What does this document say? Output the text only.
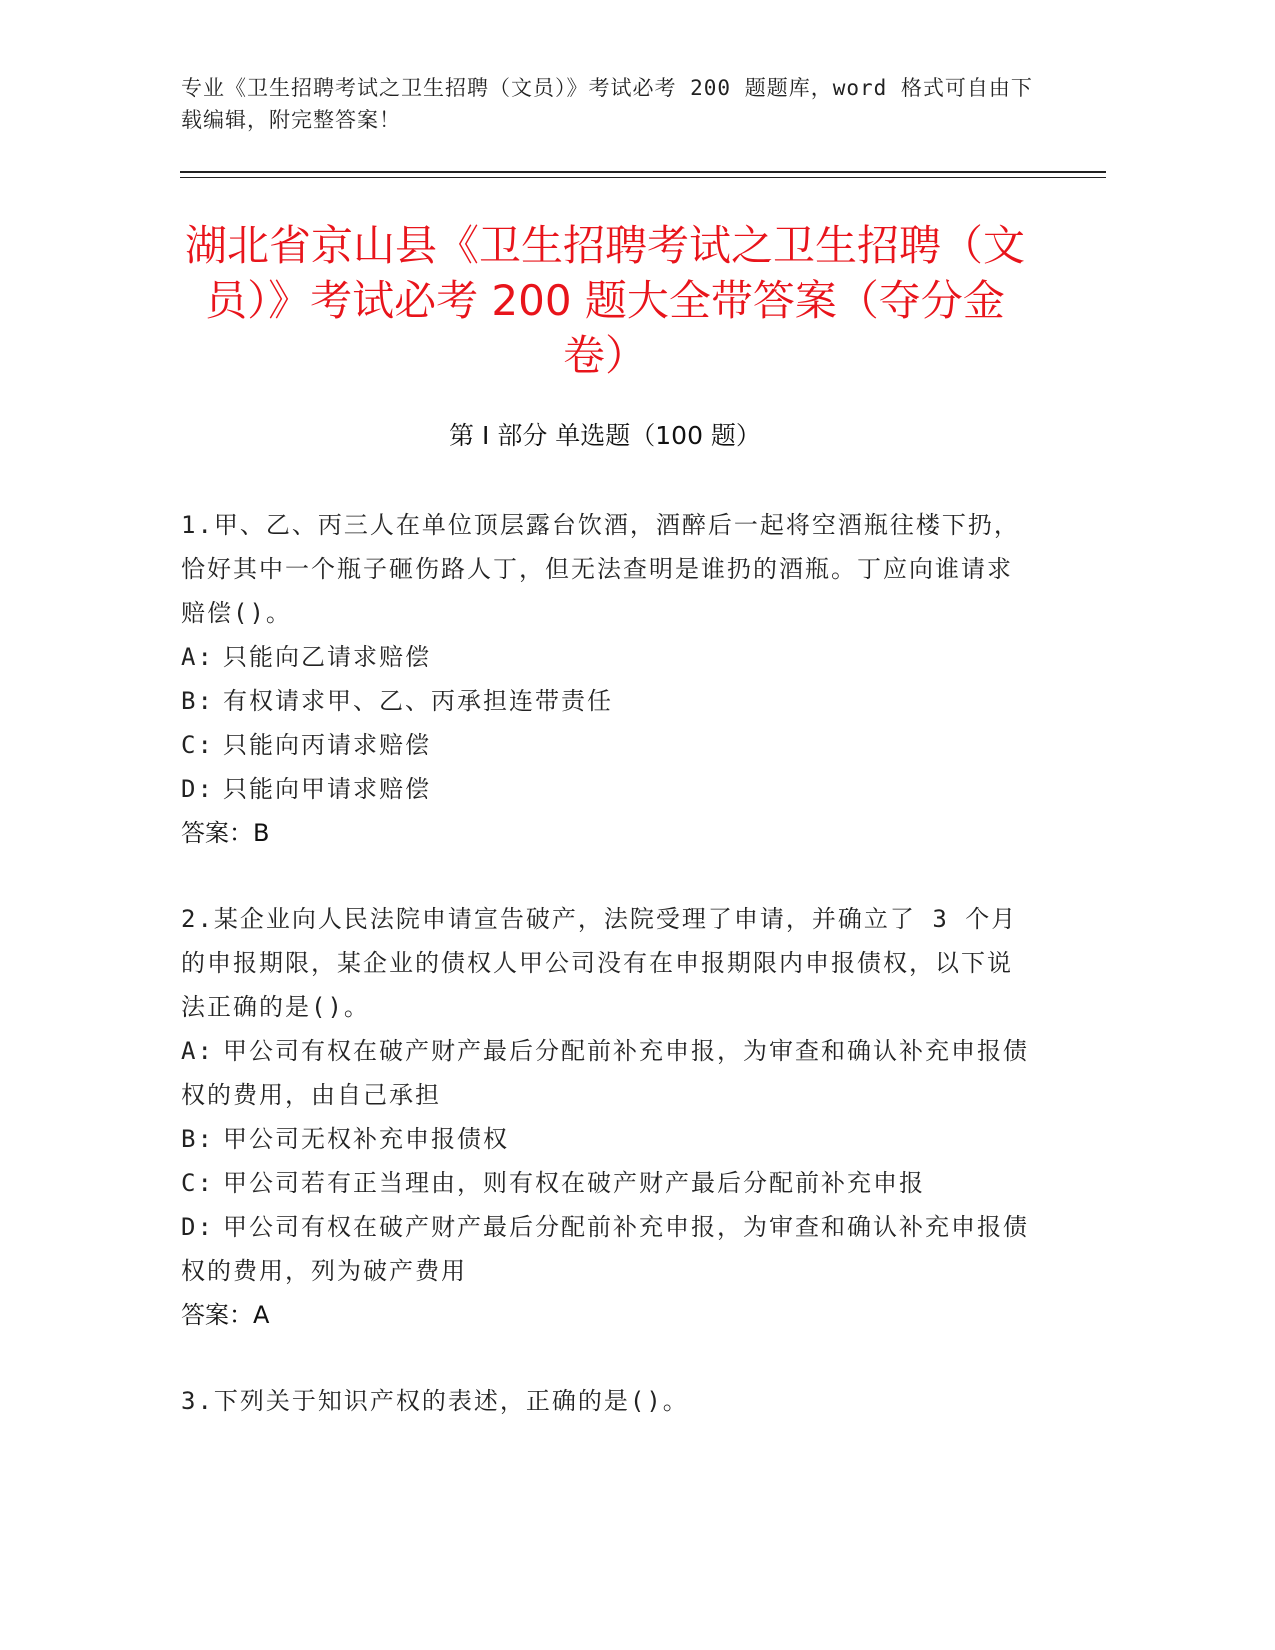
专业《卫生招聘考试之卫生招聘（文员）》考试必考 200 题题库，word 格式可自由下载编辑，附完整答案！
湖北省京山县《卫生招聘考试之卫生招聘（文员）》考试必考 200 题大全带答案（夺分金卷）
第 I 部分 单选题（100 题）
1.甲、乙、丙三人在单位顶层露台饮酒，酒醉后一起将空酒瓶往楼下扔，恰好其中一个瓶子砸伤路人丁，但无法查明是谁扔的酒瓶。丁应向谁请求赔偿()。
A: 只能向乙请求赔偿
B: 有权请求甲、乙、丙承担连带责任
C: 只能向丙请求赔偿
D: 只能向甲请求赔偿
答案：B
2.某企业向人民法院申请宣告破产，法院受理了申请，并确立了 3 个月的申报期限，某企业的债权人甲公司没有在申报期限内申报债权，以下说法正确的是()。
A: 甲公司有权在破产财产最后分配前补充申报，为审查和确认补充申报债权的费用，由自己承担
B: 甲公司无权补充申报债权
C: 甲公司若有正当理由，则有权在破产财产最后分配前补充申报
D: 甲公司有权在破产财产最后分配前补充申报，为审查和确认补充申报债权的费用，列为破产费用
答案：A
3.下列关于知识产权的表述，正确的是()。
